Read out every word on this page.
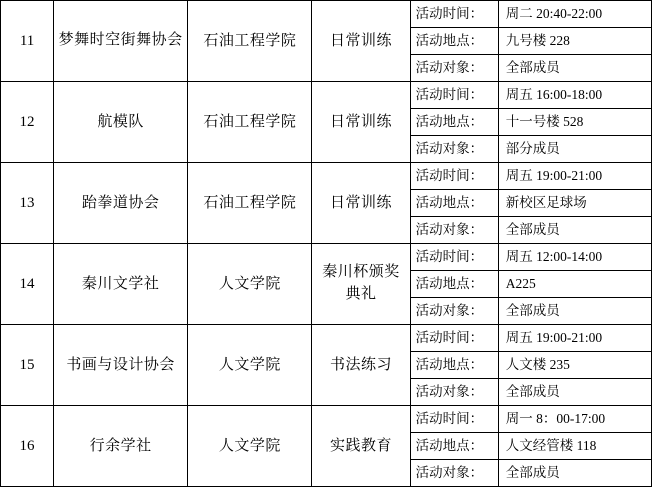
11	梦舞时空街舞协会	石油工程学院	日常训练	活动时间：	周二 20:40-22:00

				活动地点：	九号楼 228

				活动对象：	全部成员

12	航模队	石油工程学院	日常训练	活动时间：	周五 16:00-18:00

				活动地点：	十一号楼 528

				活动对象：	部分成员

13	跆拳道协会	石油工程学院	日常训练	活动时间：	周五 19:00-21:00

				活动地点：	新校区足球场

				活动对象：	全部成员

14	秦川文学社	人文学院	秦川杯颁奖典礼	活动时间：	周五 12:00-14:00

				活动地点：	A225

				活动对象：	全部成员

15	书画与设计协会	人文学院	书法练习	活动时间：	周五 19:00-21:00

				活动地点：	人文楼 235

				活动对象：	全部成员

16	行余学社	人文学院	实践教育	活动时间：	周一 8：00-17:00

				活动地点：	人文经管楼 118

				活动对象：	全部成员
